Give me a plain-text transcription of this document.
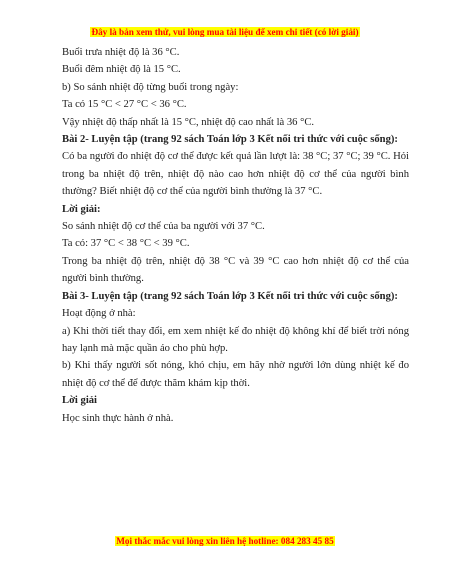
Đây là bản xem thử, vui lòng mua tài liệu để xem chi tiết (có lời giải)

Buổi trưa nhiệt độ là 36 °C.

Buổi đêm nhiệt độ là 15 °C.

b) So sánh nhiệt độ từng buổi trong ngày:

Ta có 15 °C < 27 °C < 36 °C.

Vậy nhiệt độ thấp nhất là 15 °C, nhiệt độ cao nhất là 36 °C.

Bài 2- Luyện tập (trang 92 sách Toán lớp 3 Kết nối tri thức với cuộc sống):

Có ba người đo nhiệt độ cơ thể được kết quả lần lượt là: 38 °C; 37 °C; 39 °C. Hỏi trong ba nhiệt độ trên, nhiệt độ nào cao hơn nhiệt độ cơ thể của người bình thường? Biết nhiệt độ cơ thể của người bình thường là 37 °C.

Lời giải:

So sánh nhiệt độ cơ thể của ba người với 37 °C.

Ta có: 37 °C < 38 °C < 39 °C.

Trong ba nhiệt độ trên, nhiệt độ 38 °C và 39 °C cao hơn nhiệt độ cơ thể của người bình thường.

Bài 3- Luyện tập (trang 92 sách Toán lớp 3 Kết nối tri thức với cuộc sống):

Hoạt động ở nhà:

a) Khi thời tiết thay đổi, em xem nhiệt kế đo nhiệt độ không khí để biết trời nóng hay lạnh mà mặc quần áo cho phù hợp.

b) Khi thấy người sốt nóng, khó chịu, em hãy nhờ người lớn dùng nhiệt kế đo nhiệt độ cơ thể để được thăm khám kịp thời.

Lời giải

Học sinh thực hành ở nhà.

Mọi thắc mắc vui lòng xin liên hệ hotline: 084 283 45 85
